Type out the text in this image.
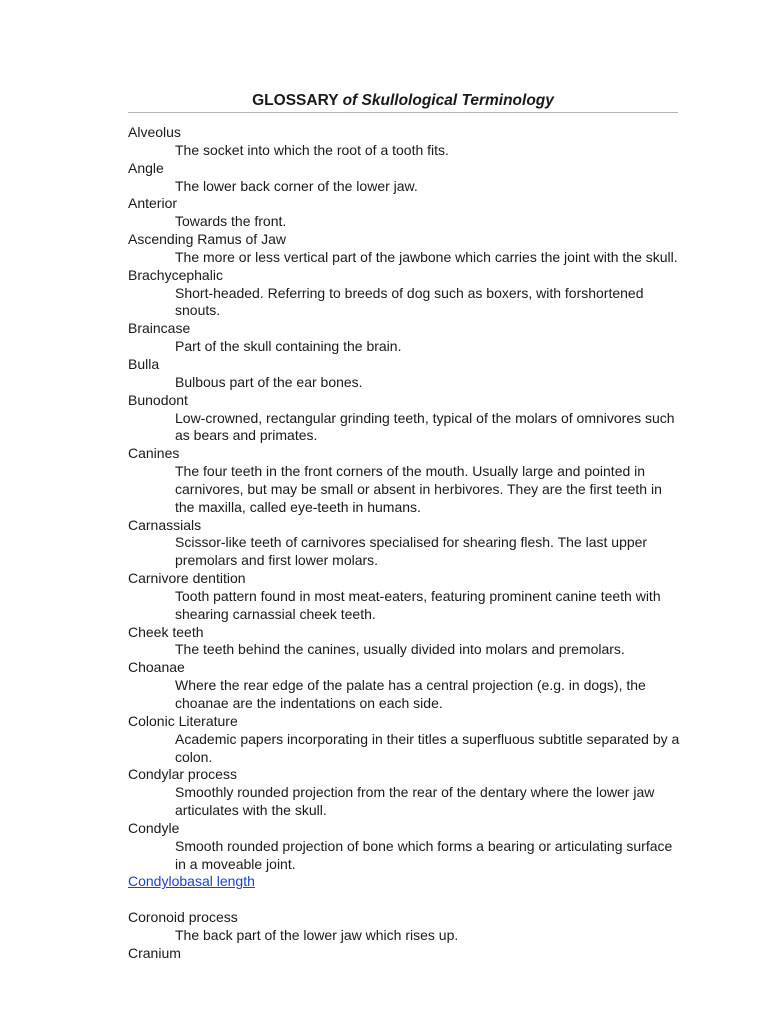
GLOSSARY of Skullological Terminology
Alveolus
The socket into which the root of a tooth fits.
Angle
The lower back corner of the lower jaw.
Anterior
Towards the front.
Ascending Ramus of Jaw
The more or less vertical part of the jawbone which carries the joint with the skull.
Brachycephalic
Short-headed. Referring to breeds of dog such as boxers, with forshortened snouts.
Braincase
Part of the skull containing the brain.
Bulla
Bulbous part of the ear bones.
Bunodont
Low-crowned, rectangular grinding teeth, typical of the molars of omnivores such as bears and primates.
Canines
The four teeth in the front corners of the mouth. Usually large and pointed in carnivores, but may be small or absent in herbivores. They are the first teeth in the maxilla, called eye-teeth in humans.
Carnassials
Scissor-like teeth of carnivores specialised for shearing flesh. The last upper premolars and first lower molars.
Carnivore dentition
Tooth pattern found in most meat-eaters, featuring prominent canine teeth with shearing carnassial cheek teeth.
Cheek teeth
The teeth behind the canines, usually divided into molars and premolars.
Choanae
Where the rear edge of the palate has a central projection (e.g. in dogs), the choanae are the indentations on each side.
Colonic Literature
Academic papers incorporating in their titles a superfluous subtitle separated by a colon.
Condylar process
Smoothly rounded projection from the rear of the dentary where the lower jaw articulates with the skull.
Condyle
Smooth rounded projection of bone which forms a bearing or articulating surface in a moveable joint.
Condylobasal length
Coronoid process
The back part of the lower jaw which rises up.
Cranium
